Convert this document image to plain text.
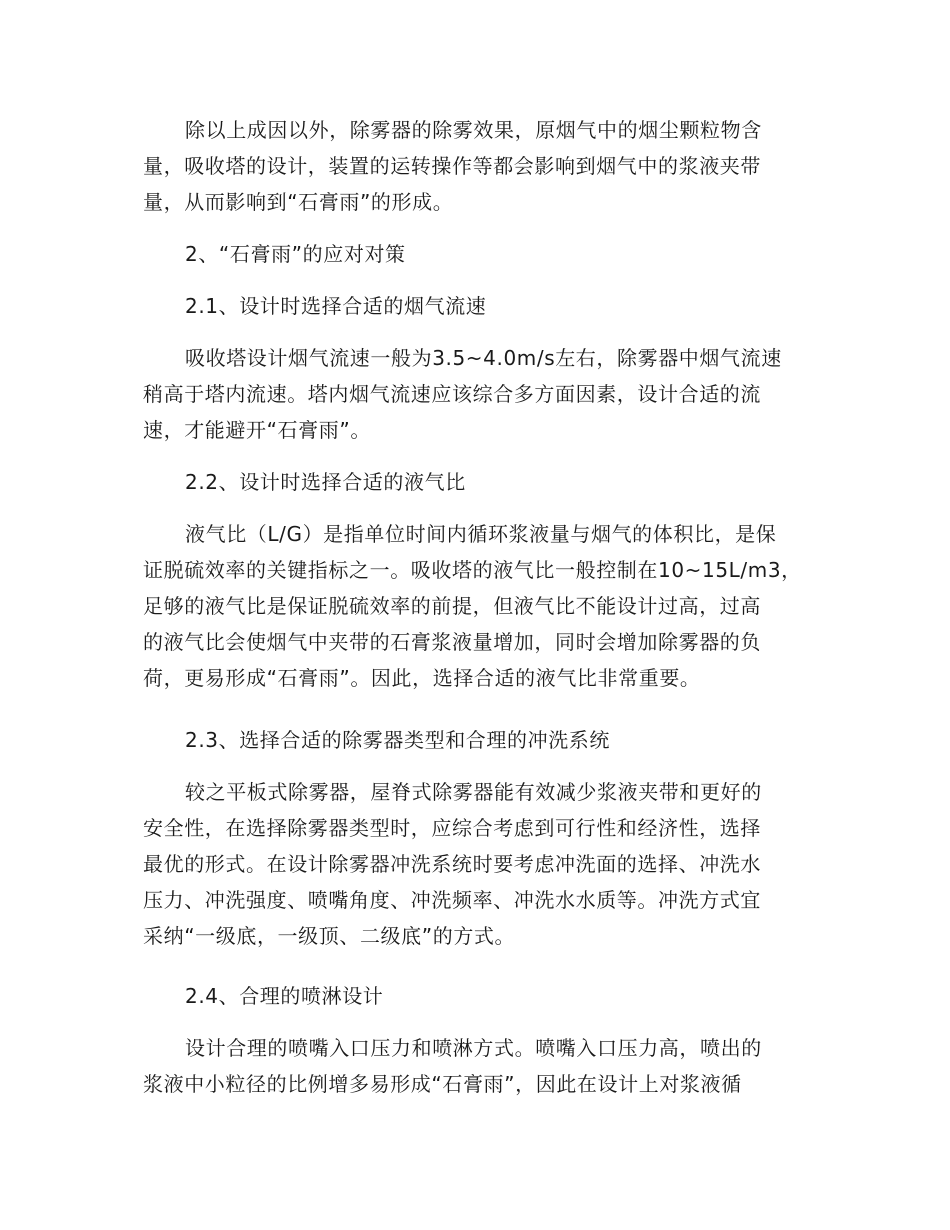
除以上成因以外，除雾器的除雾效果，原烟气中的烟尘颗粒物含
量，吸收塔的设计，装置的运转操作等都会影响到烟气中的浆液夹带
量，从而影响到“石膏雨”的形成。
2、“石膏雨”的应对对策
2.1、设计时选择合适的烟气流速
吸收塔设计烟气流速一般为3.5~4.0m/s左右，除雾器中烟气流速
稍高于塔内流速。塔内烟气流速应该综合多方面因素，设计合适的流
速，才能避开“石膏雨”。
2.2、设计时选择合适的液气比
液气比（L/G）是指单位时间内循环浆液量与烟气的体积比，是保
证脱硫效率的关键指标之一。吸收塔的液气比一般控制在10~15L/m3，
足够的液气比是保证脱硫效率的前提，但液气比不能设计过高，过高
的液气比会使烟气中夹带的石膏浆液量增加，同时会增加除雾器的负
荷，更易形成“石膏雨”。因此，选择合适的液气比非常重要。
2.3、选择合适的除雾器类型和合理的冲洗系统
较之平板式除雾器，屋脊式除雾器能有效减少浆液夹带和更好的
安全性，在选择除雾器类型时，应综合考虑到可行性和经济性，选择
最优的形式。在设计除雾器冲洗系统时要考虑冲洗面的选择、冲洗水
压力、冲洗强度、喷嘴角度、冲洗频率、冲洗水水质等。冲洗方式宜
采纳“一级底，一级顶、二级底”的方式。
2.4、合理的喷淋设计
设计合理的喷嘴入口压力和喷淋方式。喷嘴入口压力高，喷出的
浆液中小粒径的比例增多易形成“石膏雨”，因此在设计上对浆液循
